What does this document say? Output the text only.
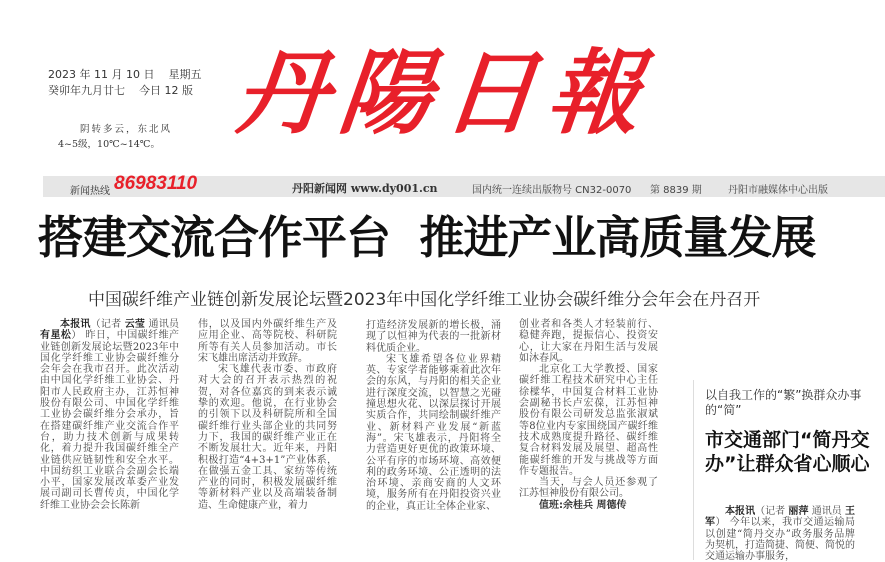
2023 年 11 月 10 日    星期五
癸卯年九月廿七    今日 12 版
阴转多云，东北风
4~5级，10℃~14℃。 丹陽日報
新闻热线 86983110	丹阳新闻网 www.dy001.cn	国内统一连续出版物号 CN32-0070 第 8839 期	丹阳市融媒体中心出版
搭建交流合作平台  推进产业高质量发展
中国碳纤维产业链创新发展论坛暨2023年中国化学纤维工业协会碳纤维分会年会在丹召开

本报讯（记者 云莹 通讯员 有星松） 昨日，中国碳纤维产业链创新发展论坛暨2023年中国化学纤维工业协会碳纤维分会年会在我市召开。此次活动由中国化学纤维工业协会、丹阳市人民政府主办，江苏恒神股份有限公司、中国化学纤维工业协会碳纤维分会承办，旨在搭建碳纤维产业交流合作平台，助力技术创新与成果转化，着力提升我国碳纤维全产业链供应链韧性和安全水平。中国纺织工业联合会副会长端小平，国家发展改革委产业发展司副司长曹传贞，中国化学纤维工业协会会长陈新

伟，以及国内外碳纤维生产及应用企业、高等院校、科研院所等有关人员参加活动。市长宋飞雄出席活动并致辞。

宋飞雄代表市委、市政府对大会的召开表示热烈的祝贺，对各位嘉宾的到来表示诚挚的欢迎。他说，在行业协会的引领下以及科研院所和全国碳纤维行业头部企业的共同努力下，我国的碳纤维产业正在不断发展壮大。近年来，丹阳积极打造“4+3+1”产业体系，在做强五金工具、家纺等传统产业的同时，积极发展碳纤维等新材料产业以及高端装备制造、生命健康产业，着力

打造经济发展新的增长极，涌现了以恒神为代表的一批新材料优质企业。

宋飞雄希望各位业界精英、专家学者能够乘着此次年会的东风，与丹阳的相关企业进行深度交流，以智慧之光碰撞思想火花、以深层探讨开展实质合作，共同绘制碳纤维产业、新材料产业发展“新蓝海”。宋飞雄表示，丹阳将全力营造更好更优的政策环境、公平有序的市场环境、高效便利的政务环境、公正透明的法治环境、亲商安商的人文环境，服务所有在丹阳投资兴业的企业，真正让全体企业家、

创业者和各类人才轻装前行、稳健奔跑，提振信心、投资安心，让大家在丹阳生活与发展如沐春风。

北京化工大学教授、国家碳纤维工程技术研究中心主任徐樑华，中国复合材料工业协会副秘书长卢宏葆，江苏恒神股份有限公司研发总监张淑斌等8位业内专家围绕国产碳纤维技术成熟度提升路径、碳纤维复合材料发展及展望、超高性能碳纤维的开发与挑战等方面作专题报告。

当天，与会人员还参观了江苏恒神股份有限公司。

值班:余桂兵 周德传
以自我工作的“繁”换群众办事的“简”
市交通部门“简丹交办”让群众省心顺心

本报讯（记者 丽萍 通讯员 王军） 今年以来，我市交通运输局以创建“简丹交办”政务服务品牌为契机，打造简捷、简便、简悦的交通运输办事服务，
